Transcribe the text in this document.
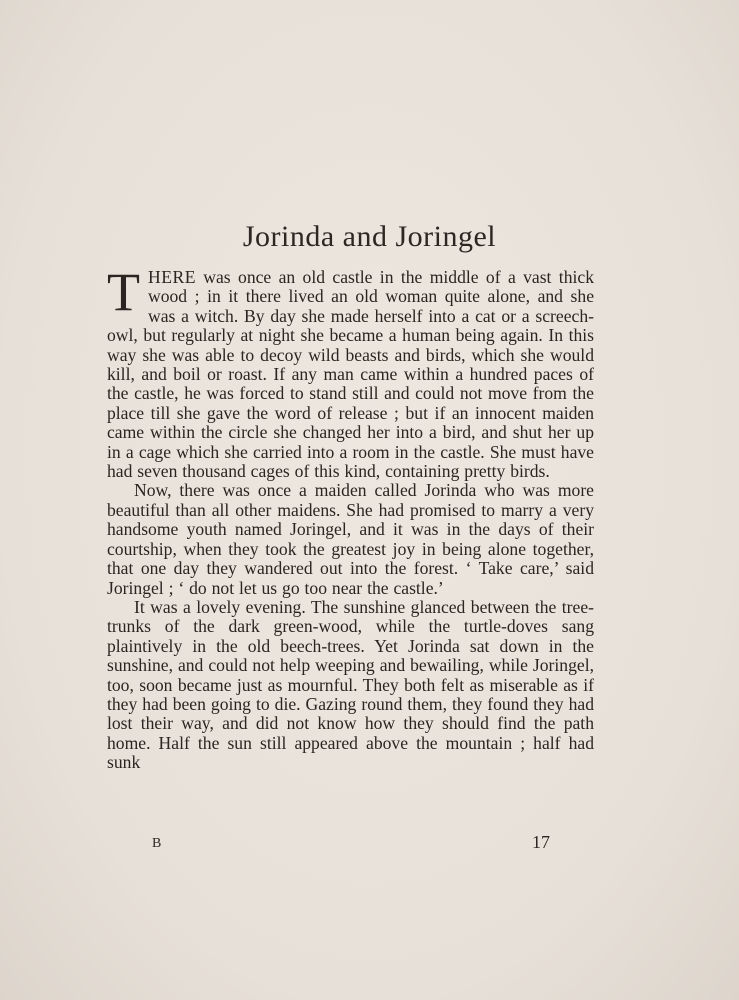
Jorinda and Joringel

THERE was once an old castle in the middle of a vast thick wood ; in it there lived an old woman quite alone, and she was a witch. By day she made herself into a cat or a screech-owl, but regularly at night she became a human being again. In this way she was able to decoy wild beasts and birds, which she would kill, and boil or roast. If any man came within a hundred paces of the castle, he was forced to stand still and could not move from the place till she gave the word of release ; but if an innocent maiden came within the circle she changed her into a bird, and shut her up in a cage which she carried into a room in the castle. She must have had seven thousand cages of this kind, containing pretty birds.

Now, there was once a maiden called Jorinda who was more beautiful than all other maidens. She had promised to marry a very handsome youth named Joringel, and it was in the days of their courtship, when they took the greatest joy in being alone together, that one day they wandered out into the forest. ‘ Take care,’ said Joringel ; ‘ do not let us go too near the castle.’

It was a lovely evening. The sunshine glanced between the tree-trunks of the dark green-wood, while the turtle-doves sang plaintively in the old beech-trees. Yet Jorinda sat down in the sunshine, and could not help weeping and bewailing, while Joringel, too, soon became just as mournful. They both felt as miserable as if they had been going to die. Gazing round them, they found they had lost their way, and did not know how they should find the path home. Half the sun still appeared above the mountain ; half had sunk

B	17
